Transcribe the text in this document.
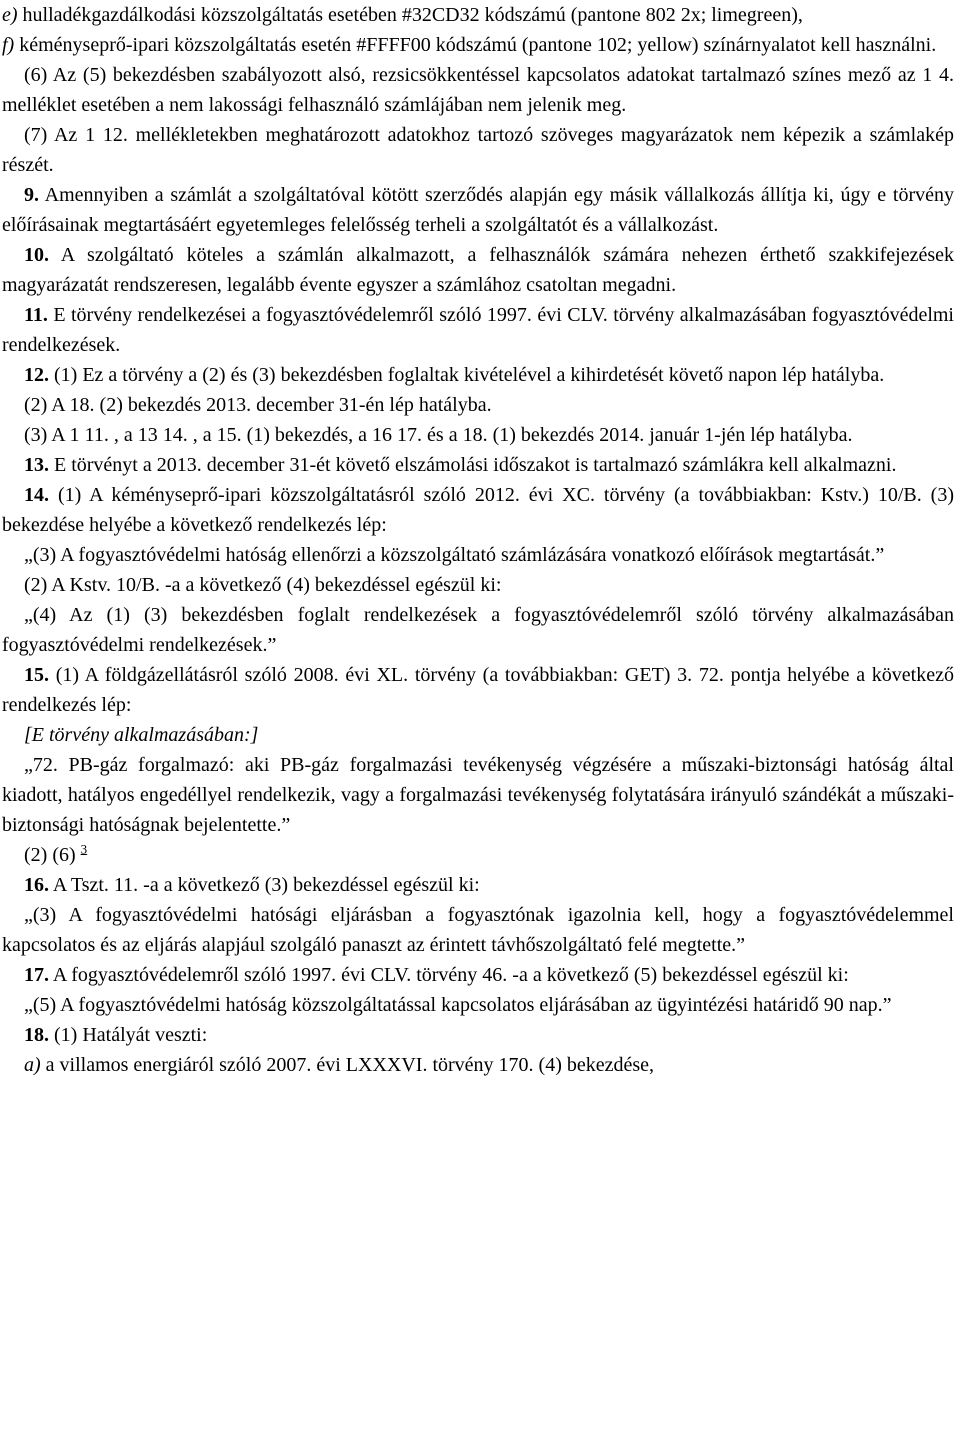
e) hulladékgazdálkodási közszolgáltatás esetében #32CD32 kódszámú (pantone 802 2x; limegreen),

f) kéményseprő-ipari közszolgáltatás esetén #FFFF00 kódszámú (pantone 102; yellow) színárnyalatot kell használni.

(6) Az (5) bekezdésben szabályozott alsó, rezsicsökkentéssel kapcsolatos adatokat tartalmazó színes mező az 1 4. melléklet esetében a nem lakossági felhasználó számlájában nem jelenik meg.

(7) Az 1 12. mellékletekben meghatározott adatokhoz tartozó szöveges magyarázatok nem képezik a számlakép részét.

9. Amennyiben a számlát a szolgáltatóval kötött szerződés alapján egy másik vállalkozás állítja ki, úgy e törvény előírásainak megtartásáért egyetemleges felelősség terheli a szolgáltatót és a vállalkozást.

10. A szolgáltató köteles a számlán alkalmazott, a felhasználók számára nehezen érthető szakkifejezések magyarázatát rendszeresen, legalább évente egyszer a számlához csatoltan megadni.

11. E törvény rendelkezései a fogyasztóvédelemről szóló 1997. évi CLV. törvény alkalmazásában fogyasztóvédelmi rendelkezések.

12. (1) Ez a törvény a (2) és (3) bekezdésben foglaltak kivételével a kihirdetését követő napon lép hatályba.

(2) A 18. (2) bekezdés 2013. december 31-én lép hatályba.

(3) A 1 11. , a 13 14. , a 15. (1) bekezdés, a 16 17. és a 18. (1) bekezdés 2014. január 1-jén lép hatályba.

13. E törvényt a 2013. december 31-ét követő elszámolási időszakot is tartalmazó számlákra kell alkalmazni.

14. (1) A kéményseprő-ipari közszolgáltatásról szóló 2012. évi XC. törvény (a továbbiakban: Kstv.) 10/B. (3) bekezdése helyébe a következő rendelkezés lép:

„(3) A fogyasztóvédelmi hatóság ellenőrzi a közszolgáltató számlázására vonatkozó előírások megtartását.”

(2) A Kstv. 10/B. -a a következő (4) bekezdéssel egészül ki:

„(4) Az (1) (3) bekezdésben foglalt rendelkezések a fogyasztóvédelemről szóló törvény alkalmazásában fogyasztóvédelmi rendelkezések.”

15. (1) A földgázellátásról szóló 2008. évi XL. törvény (a továbbiakban: GET) 3. 72. pontja helyébe a következő rendelkezés lép:

[E törvény alkalmazásában:]

„72. PB-gáz forgalmazó: aki PB-gáz forgalmazási tevékenység végzésére a műszaki-biztonsági hatóság által kiadott, hatályos engedéllyel rendelkezik, vagy a forgalmazási tevékenység folytatására irányuló szándékát a műszaki-biztonsági hatóságnak bejelentette.”

(2) (6) $^3$

16. A Tszt. 11. -a a következő (3) bekezdéssel egészül ki:

„(3) A fogyasztóvédelmi hatósági eljárásban a fogyasztónak igazolnia kell, hogy a fogyasztóvédelemmel kapcsolatos és az eljárás alapjául szolgáló panaszt az érintett távhőszolgáltató felé megtette.”

17. A fogyasztóvédelemről szóló 1997. évi CLV. törvény 46. -a a következő (5) bekezdéssel egészül ki:

„(5) A fogyasztóvédelmi hatóság közszolgáltatással kapcsolatos eljárásában az ügyintézési határidő 90 nap.”

18. (1) Hatályát veszti:

a) a villamos energiáról szóló 2007. évi LXXXVI. törvény 170. (4) bekezdése,
